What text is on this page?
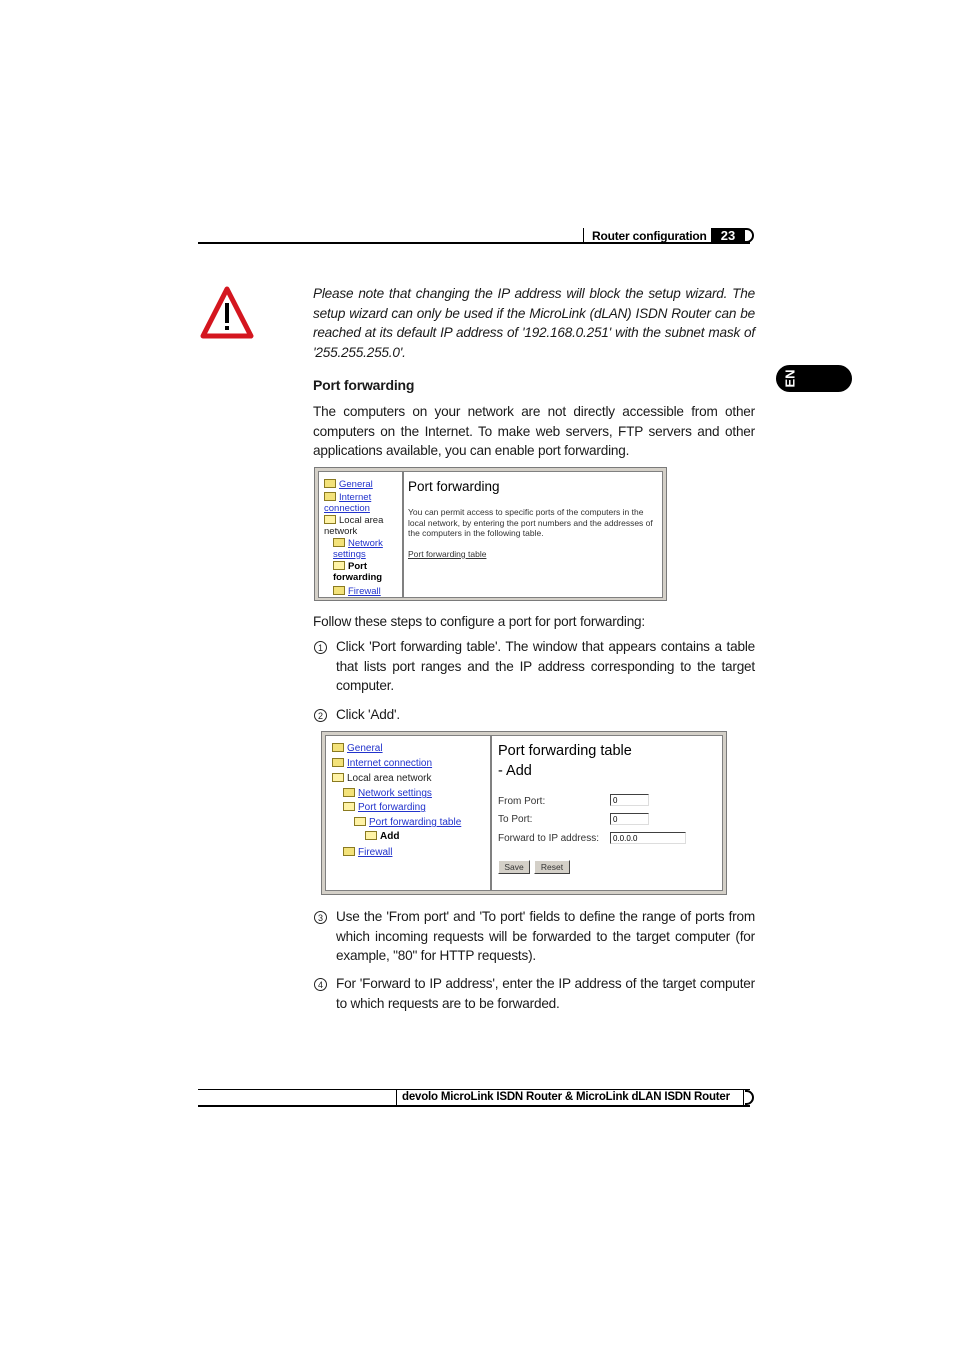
Router configuration	23
EN
Please note that changing the IP address will block the setup wizard. The setup wizard can only be used if the MicroLink (dLAN) ISDN Router can be reached at its default IP address of '192.168.0.251' with the subnet mask of '255.255.255.0'.
Port forwarding
The computers on your network are not directly accessible from other computers on the Internet. To make web servers, FTP servers and other applications available, you can enable port forwarding.
General
Internet connection
Local area network
Network settings
Port forwarding
Firewall
Port forwarding
You can permit access to specific ports of the computers in the local network, by entering the port numbers and the addresses of the computers in the following table.
Port forwarding table
Follow these steps to configure a port for port forwarding:
1 Click 'Port forwarding table'. The window that appears contains a table that lists port ranges and the IP address corresponding to the target computer.
2 Click 'Add'.
General
Internet connection
Local area network
Network settings
Port forwarding
Port forwarding table
Add
Firewall
Port forwarding table
- Add
From Port:	0
To Port:	0
Forward to IP address:	0.0.0.0
Save	Reset
3 Use the 'From port' and 'To port' fields to define the range of ports from which incoming requests will be forwarded to the target computer (for example, "80" for HTTP requests).
4 For 'Forward to IP address', enter the IP address of the target computer to which requests are to be forwarded.
devolo MicroLink ISDN Router & MicroLink dLAN ISDN Router
